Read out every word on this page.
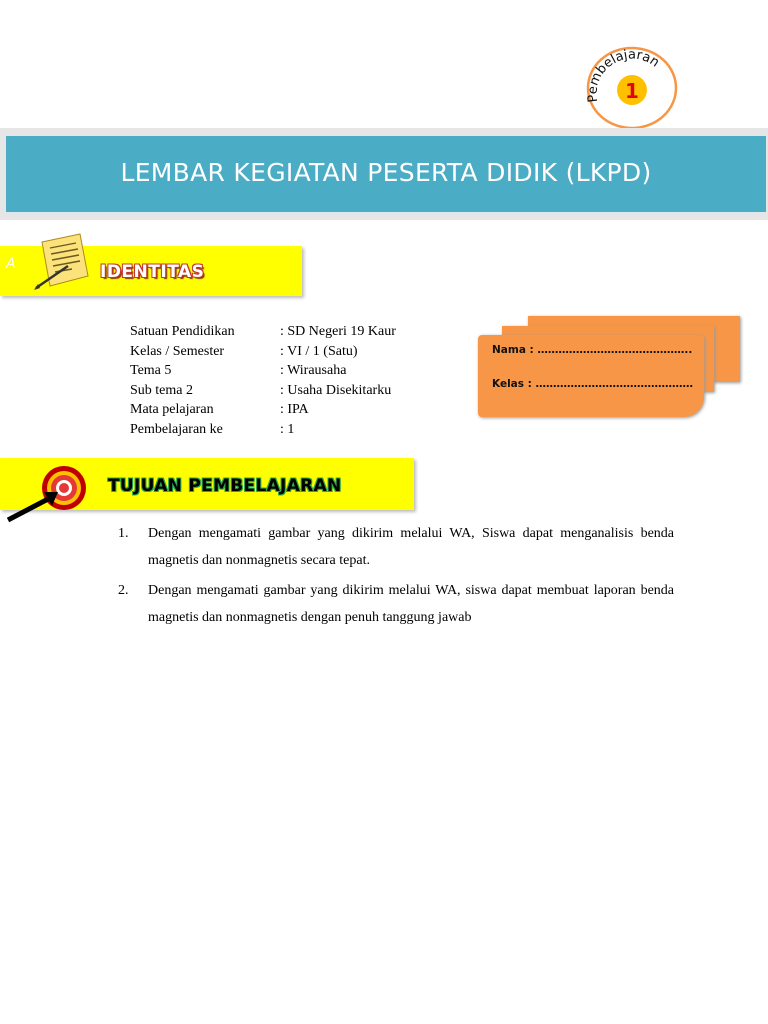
Pembelajaran
1
LEMBAR KEGIATAN PESERTA DIDIK (LKPD)
A	IDENTITAS
Satuan Pendidikan	: SD Negeri 19 Kaur
Kelas / Semester	: VI / 1 (Satu)
Tema 5	: Wirausaha
Sub tema 2	: Usaha Disekitarku
Mata pelajaran	: IPA
Pembelajaran ke	: 1
Nama : ……………………………………..
Kelas : ………………………………………
TUJUAN PEMBELAJARAN
1. Dengan mengamati gambar yang dikirim melalui WA, Siswa dapat menganalisis benda magnetis dan nonmagnetis secara tepat.
2. Dengan mengamati gambar yang dikirim melalui WA, siswa dapat membuat laporan benda magnetis dan nonmagnetis dengan penuh tanggung jawab
